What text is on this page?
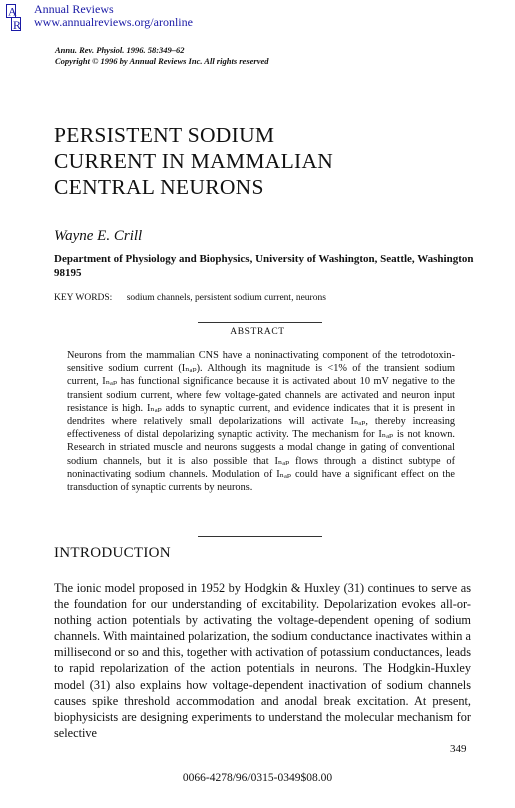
A
R
Annual Reviews
www.annualreviews.org/aronline
Annu. Rev. Physiol. 1996. 58:349–62
Copyright © 1996 by Annual Reviews Inc. All rights reserved
PERSISTENT SODIUM
CURRENT IN MAMMALIAN
CENTRAL NEURONS
Wayne E. Crill
Department of Physiology and Biophysics, University of Washington, Seattle, Washington 98195
KEY WORDS: sodium channels, persistent sodium current, neurons
ABSTRACT
Neurons from the mammalian CNS have a noninactivating component of the tetrodotoxin-sensitive sodium current (Iₙₐₚ). Although its magnitude is <1% of the transient sodium current, Iₙₐₚ has functional significance because it is activated about 10 mV negative to the transient sodium current, where few voltage-gated channels are activated and neuron input resistance is high. Iₙₐₚ adds to synaptic current, and evidence indicates that it is present in dendrites where relatively small depolarizations will activate Iₙₐₚ, thereby increasing effectiveness of distal depolarizing synaptic activity. The mechanism for Iₙₐₚ is not known. Research in striated muscle and neurons suggests a modal change in gating of conventional sodium channels, but it is also possible that Iₙₐₚ flows through a distinct subtype of noninactivating sodium channels. Modulation of Iₙₐₚ could have a significant effect on the transduction of synaptic currents by neurons.
INTRODUCTION
The ionic model proposed in 1952 by Hodgkin & Huxley (31) continues to serve as the foundation for our understanding of excitability. Depolarization evokes all-or-nothing action potentials by activating the voltage-dependent opening of sodium channels. With maintained polarization, the sodium conductance inactivates within a millisecond or so and this, together with activation of potassium conductances, leads to rapid repolarization of the action potentials in neurons. The Hodgkin-Huxley model (31) also explains how voltage-dependent inactivation of sodium channels causes spike threshold accommodation and anodal break excitation. At present, biophysicists are designing experiments to understand the molecular mechanism for selective
349
0066-4278/96/0315-0349$08.00
